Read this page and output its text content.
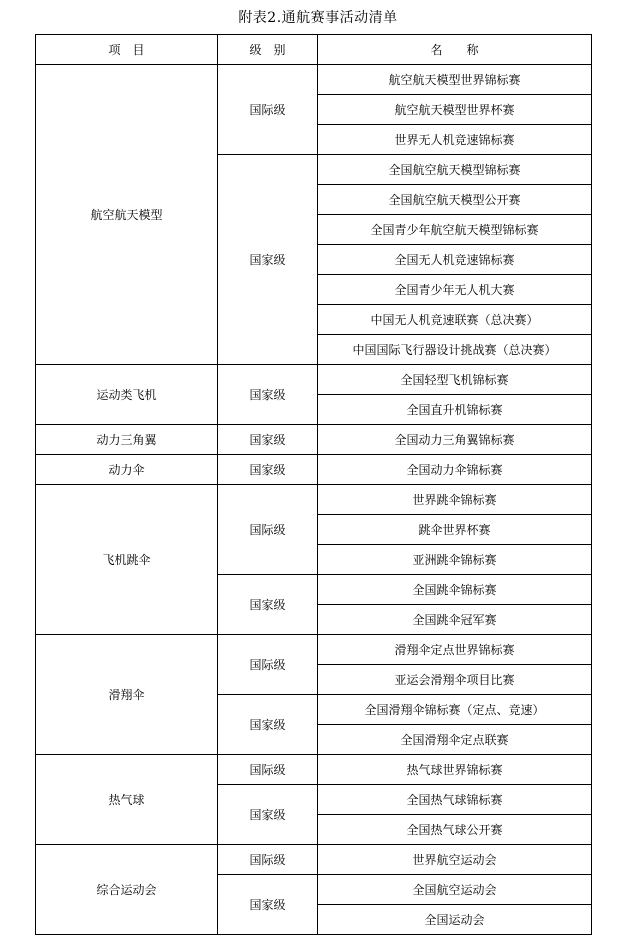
附表2.通航赛事活动清单
项　目	级　别	名　　称
航空航天模型	国际级	航空航天模型世界锦标赛
		航空航天模型世界杯赛
		世界无人机竞速锦标赛
	国家级	全国航空航天模型锦标赛
		全国航空航天模型公开赛
		全国青少年航空航天模型锦标赛
		全国无人机竞速锦标赛
		全国青少年无人机大赛
		中国无人机竞速联赛（总决赛）
		中国国际飞行器设计挑战赛（总决赛）
运动类飞机	国家级	全国轻型飞机锦标赛
		全国直升机锦标赛
动力三角翼	国家级	全国动力三角翼锦标赛
动力伞	国家级	全国动力伞锦标赛
飞机跳伞	国际级	世界跳伞锦标赛
		跳伞世界杯赛
		亚洲跳伞锦标赛
	国家级	全国跳伞锦标赛
		全国跳伞冠军赛
滑翔伞	国际级	滑翔伞定点世界锦标赛
		亚运会滑翔伞项目比赛
	国家级	全国滑翔伞锦标赛（定点、竞速）
		全国滑翔伞定点联赛
热气球	国际级	热气球世界锦标赛
	国家级	全国热气球锦标赛
		全国热气球公开赛
综合运动会	国际级	世界航空运动会
	国家级	全国航空运动会
		全国运动会
